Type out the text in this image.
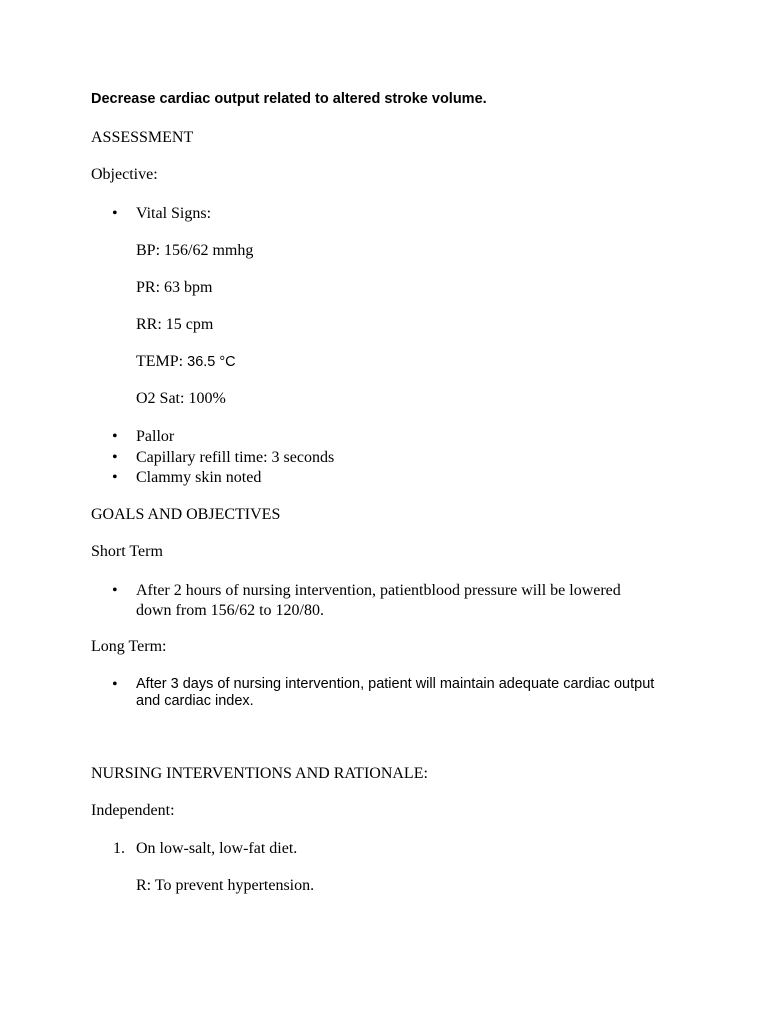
Decrease cardiac output related to altered stroke volume.
ASSESSMENT
Objective:
• Vital Signs:
BP: 156/62 mmhg
PR: 63 bpm
RR: 15 cpm
TEMP: 36.5 °C
O2 Sat: 100%
• Pallor
• Capillary refill time: 3 seconds
• Clammy skin noted
GOALS AND OBJECTIVES
Short Term
• After 2 hours of nursing intervention, patientblood pressure will be lowered
down from 156/62 to 120/80.
Long Term:
• After 3 days of nursing intervention, patient will maintain adequate cardiac output
and cardiac index.
NURSING INTERVENTIONS AND RATIONALE:
Independent:
1. On low-salt, low-fat diet.
R: To prevent hypertension.
